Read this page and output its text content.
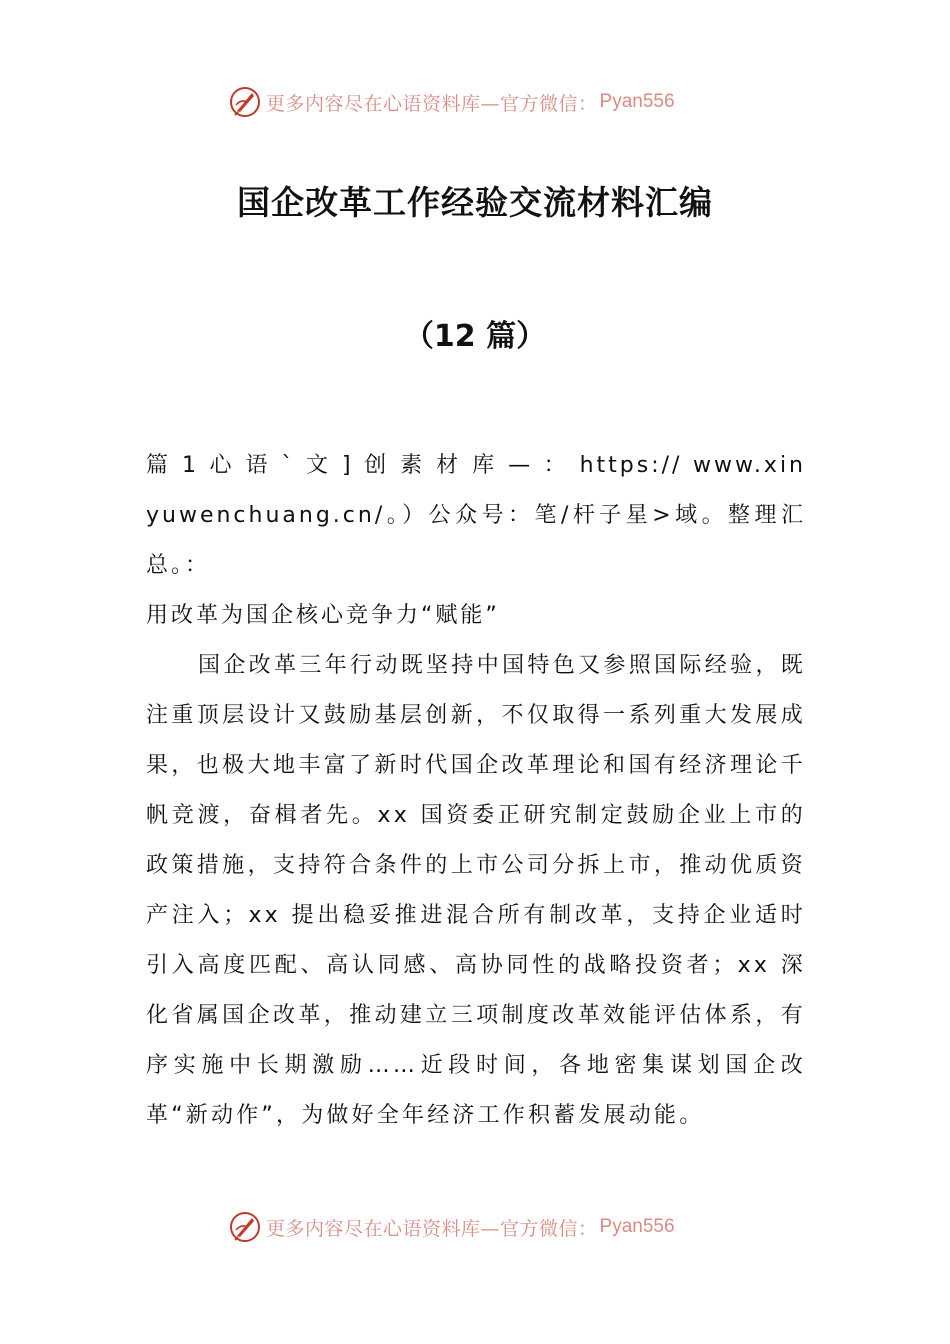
更多内容尽在心语资料库—官方微信： Pyan556
国企改革工作经验交流材料汇编
（12 篇）

篇 1 心 语 ` 文 ] 创 素 材 库 — ： https:// www.xinyuwenchuang.cn/。）公众号：笔/杆子星>域。整理汇总。：

用改革为国企核心竞争力“赋能”

国企改革三年行动既坚持中国特色又参照国际经验，既注重顶层设计又鼓励基层创新，不仅取得一系列重大发展成果，也极大地丰富了新时代国企改革理论和国有经济理论千帆竞渡，奋楫者先。xx 国资委正研究制定鼓励企业上市的政策措施，支持符合条件的上市公司分拆上市，推动优质资产注入；xx 提出稳妥推进混合所有制改革，支持企业适时引入高度匹配、高认同感、高协同性的战略投资者；xx 深化省属国企改革，推动建立三项制度改革效能评估体系，有序实施中长期激励……近段时间，各地密集谋划国企改革“新动作”，为做好全年经济工作积蓄发展动能。

更多内容尽在心语资料库—官方微信： Pyan556
